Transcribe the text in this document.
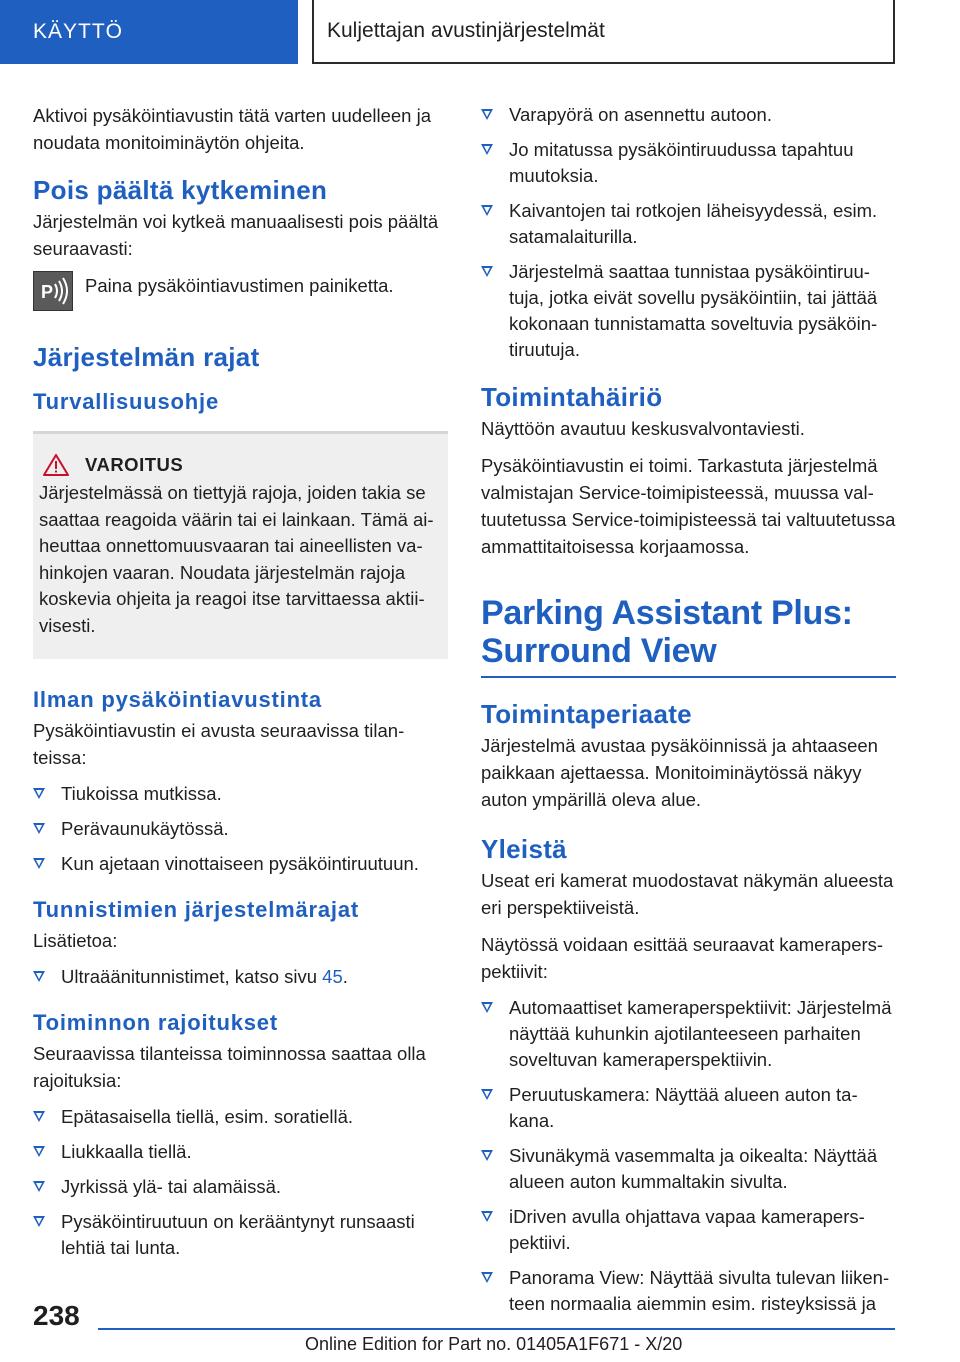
KÄYTTÖ	Kuljettajan avustinjärjestelmät

Aktivoi pysäköintiavustin tätä varten uudelleen ja noudata monitoiminäytön ohjeita.

Pois päältä kytkeminen

Järjestelmän voi kytkeä manuaalisesti pois päältä seuraavasti:

P Paina pysäköintiavustimen painiketta.

Järjestelmän rajat
Turvallisuusohje
VAROITUS

Järjestelmässä on tiettyjä rajoja, joiden takia se saattaa reagoida väärin tai ei lainkaan. Tämä aiheuttaa onnettomuusvaaran tai aineellisten vahinkojen vaaran. Noudata järjestelmän rajoja koskevia ohjeita ja reagoi itse tarvittaessa aktiivisesti.

Ilman pysäköintiavustinta

Pysäköintiavustin ei avusta seuraavissa tilanteissa:

Tiukoissa mutkissa.
Perävaunukäytössä.
Kun ajetaan vinottaiseen pysäköintiruutuun.
Tunnistimien järjestelmärajat

Lisätietoa:

Ultraäänitunnistimet, katso sivu 45.
Toiminnon rajoitukset

Seuraavissa tilanteissa toiminnossa saattaa olla rajoituksia:

Epätasaisella tiellä, esim. soratiellä.
Liukkaalla tiellä.
Jyrkissä ylä- tai alamäissä.
Pysäköintiruutuun on kerääntynyt runsaasti lehtiä tai lunta.
Varapyörä on asennettu autoon.
Jo mitatussa pysäköintiruudussa tapahtuu muutoksia.
Kaivantojen tai rotkojen läheisyydessä, esim. satamalaiturilla.
Järjestelmä saattaa tunnistaa pysäköintiruutuja, jotka eivät sovellu pysäköintiin, tai jättää kokonaan tunnistamatta soveltuvia pysäköintiruutuja.
Toimintahäiriö

Näyttöön avautuu keskusvalvontaviesti.

Pysäköintiavustin ei toimi. Tarkastuta järjestelmä valmistajan Service-toimipisteessä, muussa valtuutetussa Service-toimipisteessä tai valtuutetussa ammattitaitoisessa korjaamossa.

Parking Assistant Plus: Surround View
Toimintaperiaate

Järjestelmä avustaa pysäköinnissä ja ahtaaseen paikkaan ajettaessa. Monitoiminäytössä näkyy auton ympärillä oleva alue.

Yleistä

Useat eri kamerat muodostavat näkymän alueesta eri perspektiiveistä.

Näytössä voidaan esittää seuraavat kameraperspektiivit:

Automaattiset kameraperspektiivit: Järjestelmä näyttää kuhunkin ajotilanteeseen parhaiten soveltuvan kameraperspektiivin.
Peruutuskamera: Näyttää alueen auton takana.
Sivunäkymä vasemmalta ja oikealta: Näyttää alueen auton kummaltakin sivulta.
iDriven avulla ohjattava vapaa kameraperspektiivi.
Panorama View: Näyttää sivulta tulevan liikenteen normaalia aiemmin esim. risteyksissä ja
238
Online Edition for Part no. 01405A1F671 - X/20
